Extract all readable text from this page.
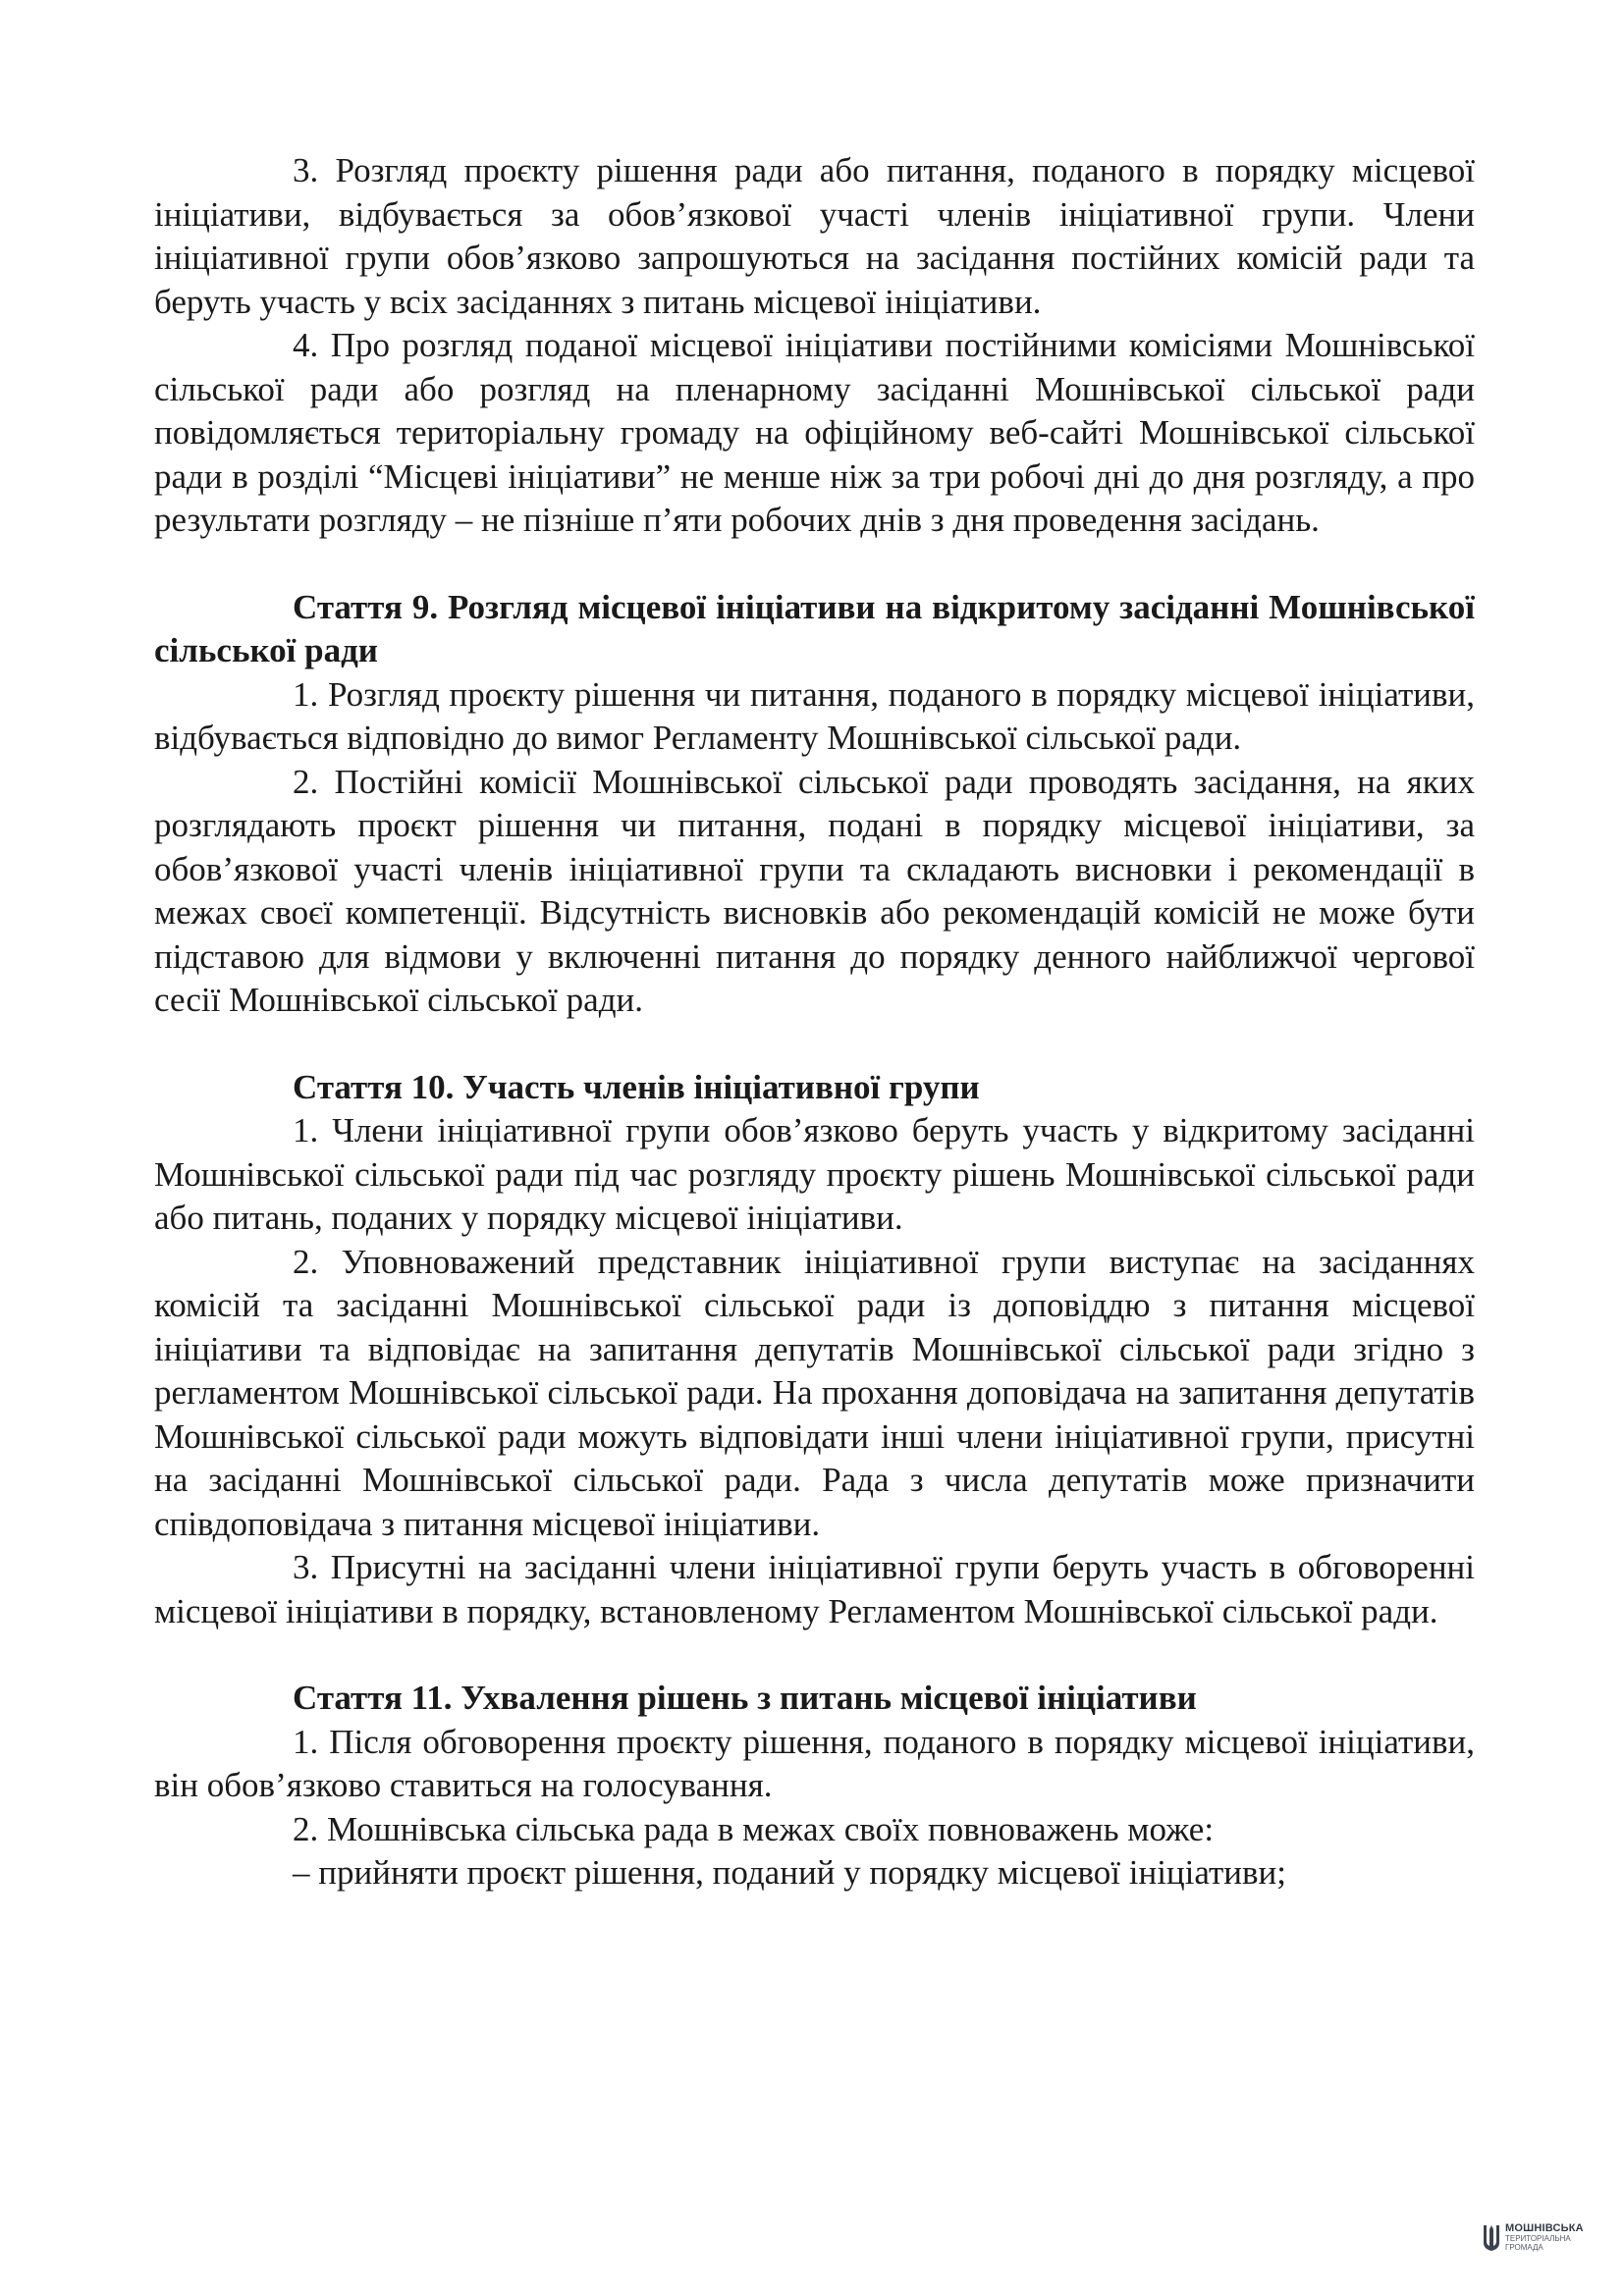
3. Розгляд проєкту рішення ради або питання, поданого в порядку місцевої ініціативи, відбувається за обов’язкової участі членів ініціативної групи. Члени ініціативної групи обов’язково запрошуються на засідання постійних комісій ради та беруть участь у всіх засіданнях з питань місцевої ініціативи.

4. Про розгляд поданої місцевої ініціативи постійними комісіями Мошнівської сільської ради або розгляд на пленарному засіданні Мошнівської сільської ради повідомляється територіальну громаду на офіційному веб-сайті Мошнівської сільської ради в розділі “Місцеві ініціативи” не менше ніж за три робочі дні до дня розгляду, а про результати розгляду – не пізніше п’яти робочих днів з дня проведення засідань.

Стаття 9. Розгляд місцевої ініціативи на відкритому засіданні Мошнівської сільської ради

1. Розгляд проєкту рішення чи питання, поданого в порядку місцевої ініціативи, відбувається відповідно до вимог Регламенту Мошнівської сільської ради.

2. Постійні комісії Мошнівської сільської ради проводять засідання, на яких розглядають проєкт рішення чи питання, подані в порядку місцевої ініціативи, за обов’язкової участі членів ініціативної групи та складають висновки і рекомендації в межах своєї компетенції. Відсутність висновків або рекомендацій комісій не може бути підставою для відмови у включенні питання до порядку денного найближчої чергової сесії Мошнівської сільської ради.

Стаття 10. Участь членів ініціативної групи

1. Члени ініціативної групи обов’язково беруть участь у відкритому засіданні Мошнівської сільської ради під час розгляду проєкту рішень Мошнівської сільської ради або питань, поданих у порядку місцевої ініціативи.

2. Уповноважений представник ініціативної групи виступає на засіданнях комісій та засіданні Мошнівської сільської ради із доповіддю з питання місцевої ініціативи та відповідає на запитання депутатів Мошнівської сільської ради згідно з регламентом Мошнівської сільської ради. На прохання доповідача на запитання депутатів Мошнівської сільської ради можуть відповідати інші члени ініціативної групи, присутні на засіданні Мошнівської сільської ради. Рада з числа депутатів може призначити співдоповідача з питання місцевої ініціативи.

3. Присутні на засіданні члени ініціативної групи беруть участь в обговоренні місцевої ініціативи в порядку, встановленому Регламентом Мошнівської сільської ради.

Стаття 11. Ухвалення рішень з питань місцевої ініціативи

1. Після обговорення проєкту рішення, поданого в порядку місцевої ініціативи, він обов’язково ставиться на голосування.

2. Мошнівська сільська рада в межах своїх повноважень може:

– прийняти проєкт рішення, поданий у порядку місцевої ініціативи;

МОШНІВСЬКА
ТЕРИТОРІАЛЬНА
ГРОМАДА
